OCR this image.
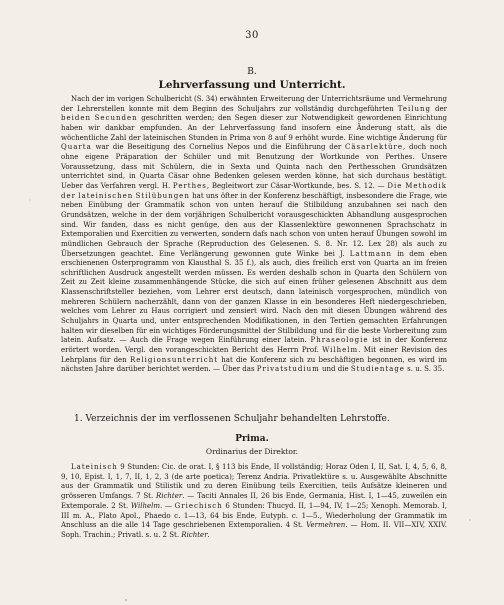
30
B.
Lehrverfassung und Unterricht.

Nach der im vorigen Schulbericht (S. 34) erwähnten Erweiterung der Unterrichtsräume und Vermehrung der Lehrerstellen konnte mit dem Beginn des Schuljahrs zur vollständig durchgeführten Teilung der beiden Secunden geschritten werden; den Segen dieser zur Notwendigkeit gewordenen Einrichtung haben wir dankbar empfunden. An der Lehrverfassung fand insofern eine Änderung statt, als die wöchentliche Zahl der lateinischen Stunden in Prima von 8 auf 9 erhöht wurde. Eine wichtige Änderung für Quarta war die Beseitigung des Cornelius Nepos und die Einführung der Cäsarlektüre, doch noch ohne eigene Präparation der Schüler und mit Benutzung der Wortkunde von Perthes. Unsere Voraussetzung, dass mit Schülern, die in Sexta und Quinta nach den Perthesschen Grundsätzen unterrichtet sind, in Quarta Cäsar ohne Bedenken gelesen werden könne, hat sich durchaus bestätigt. Ueber das Verfahren vergl. H. Perthes, Begleitwort zur Cäsar-Wortkunde, bes. S. 12. — Die Methodik der lateinischen Stilübungen hat uns öfter in der Konferenz beschäftigt, insbesondere die Frage, wie neben Einübung der Grammatik schon von unten herauf die Stilbildung anzubahnen sei nach den Grundsätzen, welche in der dem vorjährigen Schulbericht vorausgeschickten Abhandlung ausgesprochen sind. Wir fanden, dass es nicht genüge, den aus der Klassenlektüre gewonnenen Sprachschatz in Extemporalien und Exercitien zu verwerten, sondern dafs nach schon von unten herauf Übungen sowohl im mündlichen Gebrauch der Sprache (Reproduction des Gelesenen. S. 8. Nr. 12. Lex 28) als auch zu Übersetzungen geachtet. Eine Verlängerung gewonnen gute Winke bei J. Lattmann in dem eben erschienenen Osterprogramm von Klausthal S. 35 f.), als auch, dies freilich erst von Quarta an im freien schriftlichen Ausdruck angestellt werden müssen. Es werden deshalb schon in Quarta den Schülern von Zeit zu Zeit kleine zusammenhängende Stücke, die sich auf einen früher gelesenen Abschnitt aus dem Klassenschriftsteller beziehen, vom Lehrer erst deutsch, dann lateinisch vorgesprochen, mündlich von mehreren Schülern nacherzählt, dann von der ganzen Klasse in ein besonderes Heft niedergeschrieben, welches vom Lehrer zu Haus corrigiert und zensiert wird. Nach den mit diesen Übungen während des Schuljahrs in Quarta und, unter entsprechenden Modifikationen, in den Tertien gemachten Erfahrungen halten wir dieselben für ein wichtiges Förderungsmittel der Stilbildung und für die beste Vorbereitung zum latein. Aufsatz. — Auch die Frage wegen Einführung einer latein. Phraseologie ist in der Konferenz erörtert worden. Vergl. den vorangeschickten Bericht des Herrn Prof. Wilhelm. Mit einer Revision des Lehrplans für den Religionsunterricht hat die Konferenz sich zu beschäftigen begonnen, es wird im nächsten Jahre darüber berichtet werden. — Über das Privatstudium und die Studientage s. u. S. 35.

1. Verzeichnis der im verflossenen Schuljahr behandelten Lehrstoffe.
Prima.
Ordinarius der Direktor.

Lateinisch 9 Stunden: Cic. de orat. I, § 113 bis Ende, II vollständig; Horaz Oden I, II, Sat. I, 4, 5, 6, 8, 9, 10, Epist. I, 1, 7, II, 1, 2, 3 (de arte poetica); Terenz Andria. Privatlektüre s. u. Ausgewählte Abschnitte aus der Grammatik und Stilistik und zu deren Einübung teils Exercitien, teils Aufsätze kleineren und grösseren Umfangs. 7 St. Richter. — Taciti Annales II, 26 bis Ende, Germania, Hist. I, 1—45, zuweilen ein Extemporale. 2 St. Wilhelm. — Griechisch 6 Stunden: Thucyd. II, 1—94, IV, 1—25; Xenoph. Memorab. I, III m. A., Plato Apol., Phaedo c. 1—13, 64 bis Ende, Eutyph. c. 1—5., Wiederholung der Grammatik im Anschluss an die alle 14 Tage geschriebenen Extemporalien. 4 St. Vermehren. — Hom. II. VII—XIV, XXIV. Soph. Trachin.; Privatl. s. u. 2 St. Richter.
